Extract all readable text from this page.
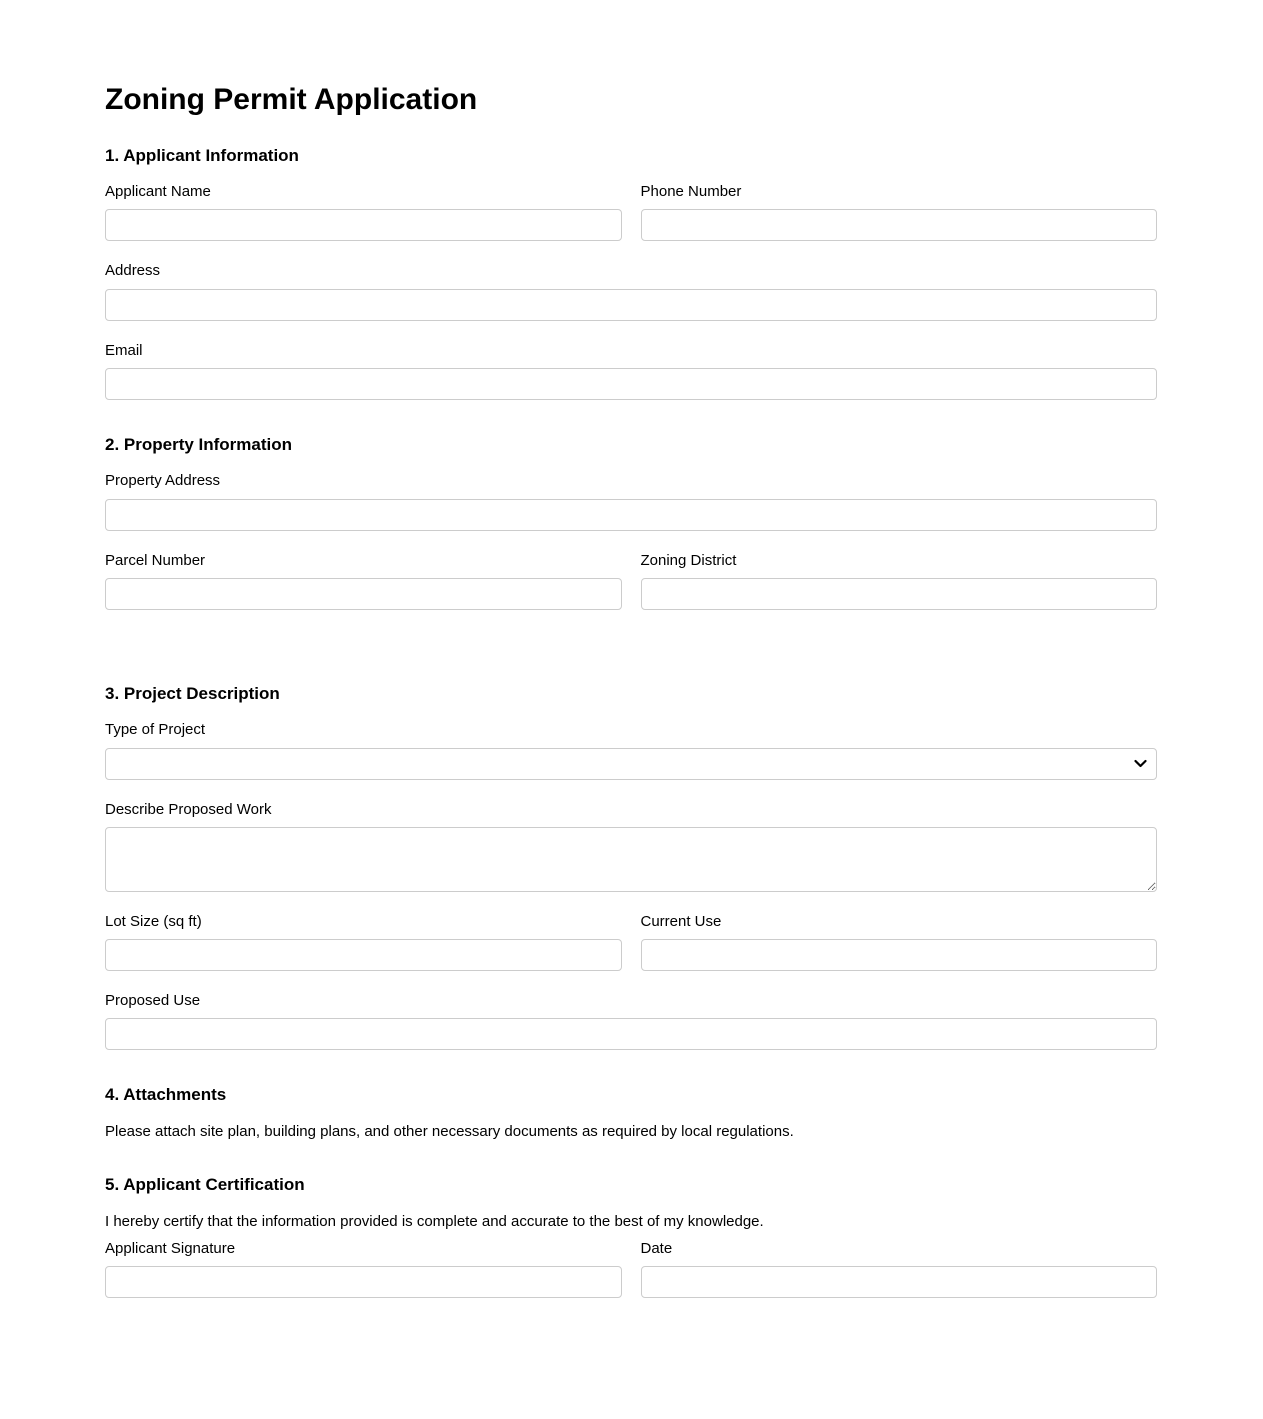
Zoning Permit Application
1. Applicant Information
Applicant Name	Phone Number
Address
Email
2. Property Information
Property Address
Parcel Number	Zoning District
3. Project Description
Type of Project
Describe Proposed Work
Lot Size (sq ft)	Current Use
Proposed Use
4. Attachments

Please attach site plan, building plans, and other necessary documents as required by local regulations.

5. Applicant Certification

I hereby certify that the information provided is complete and accurate to the best of my knowledge.

Applicant Signature	Date
